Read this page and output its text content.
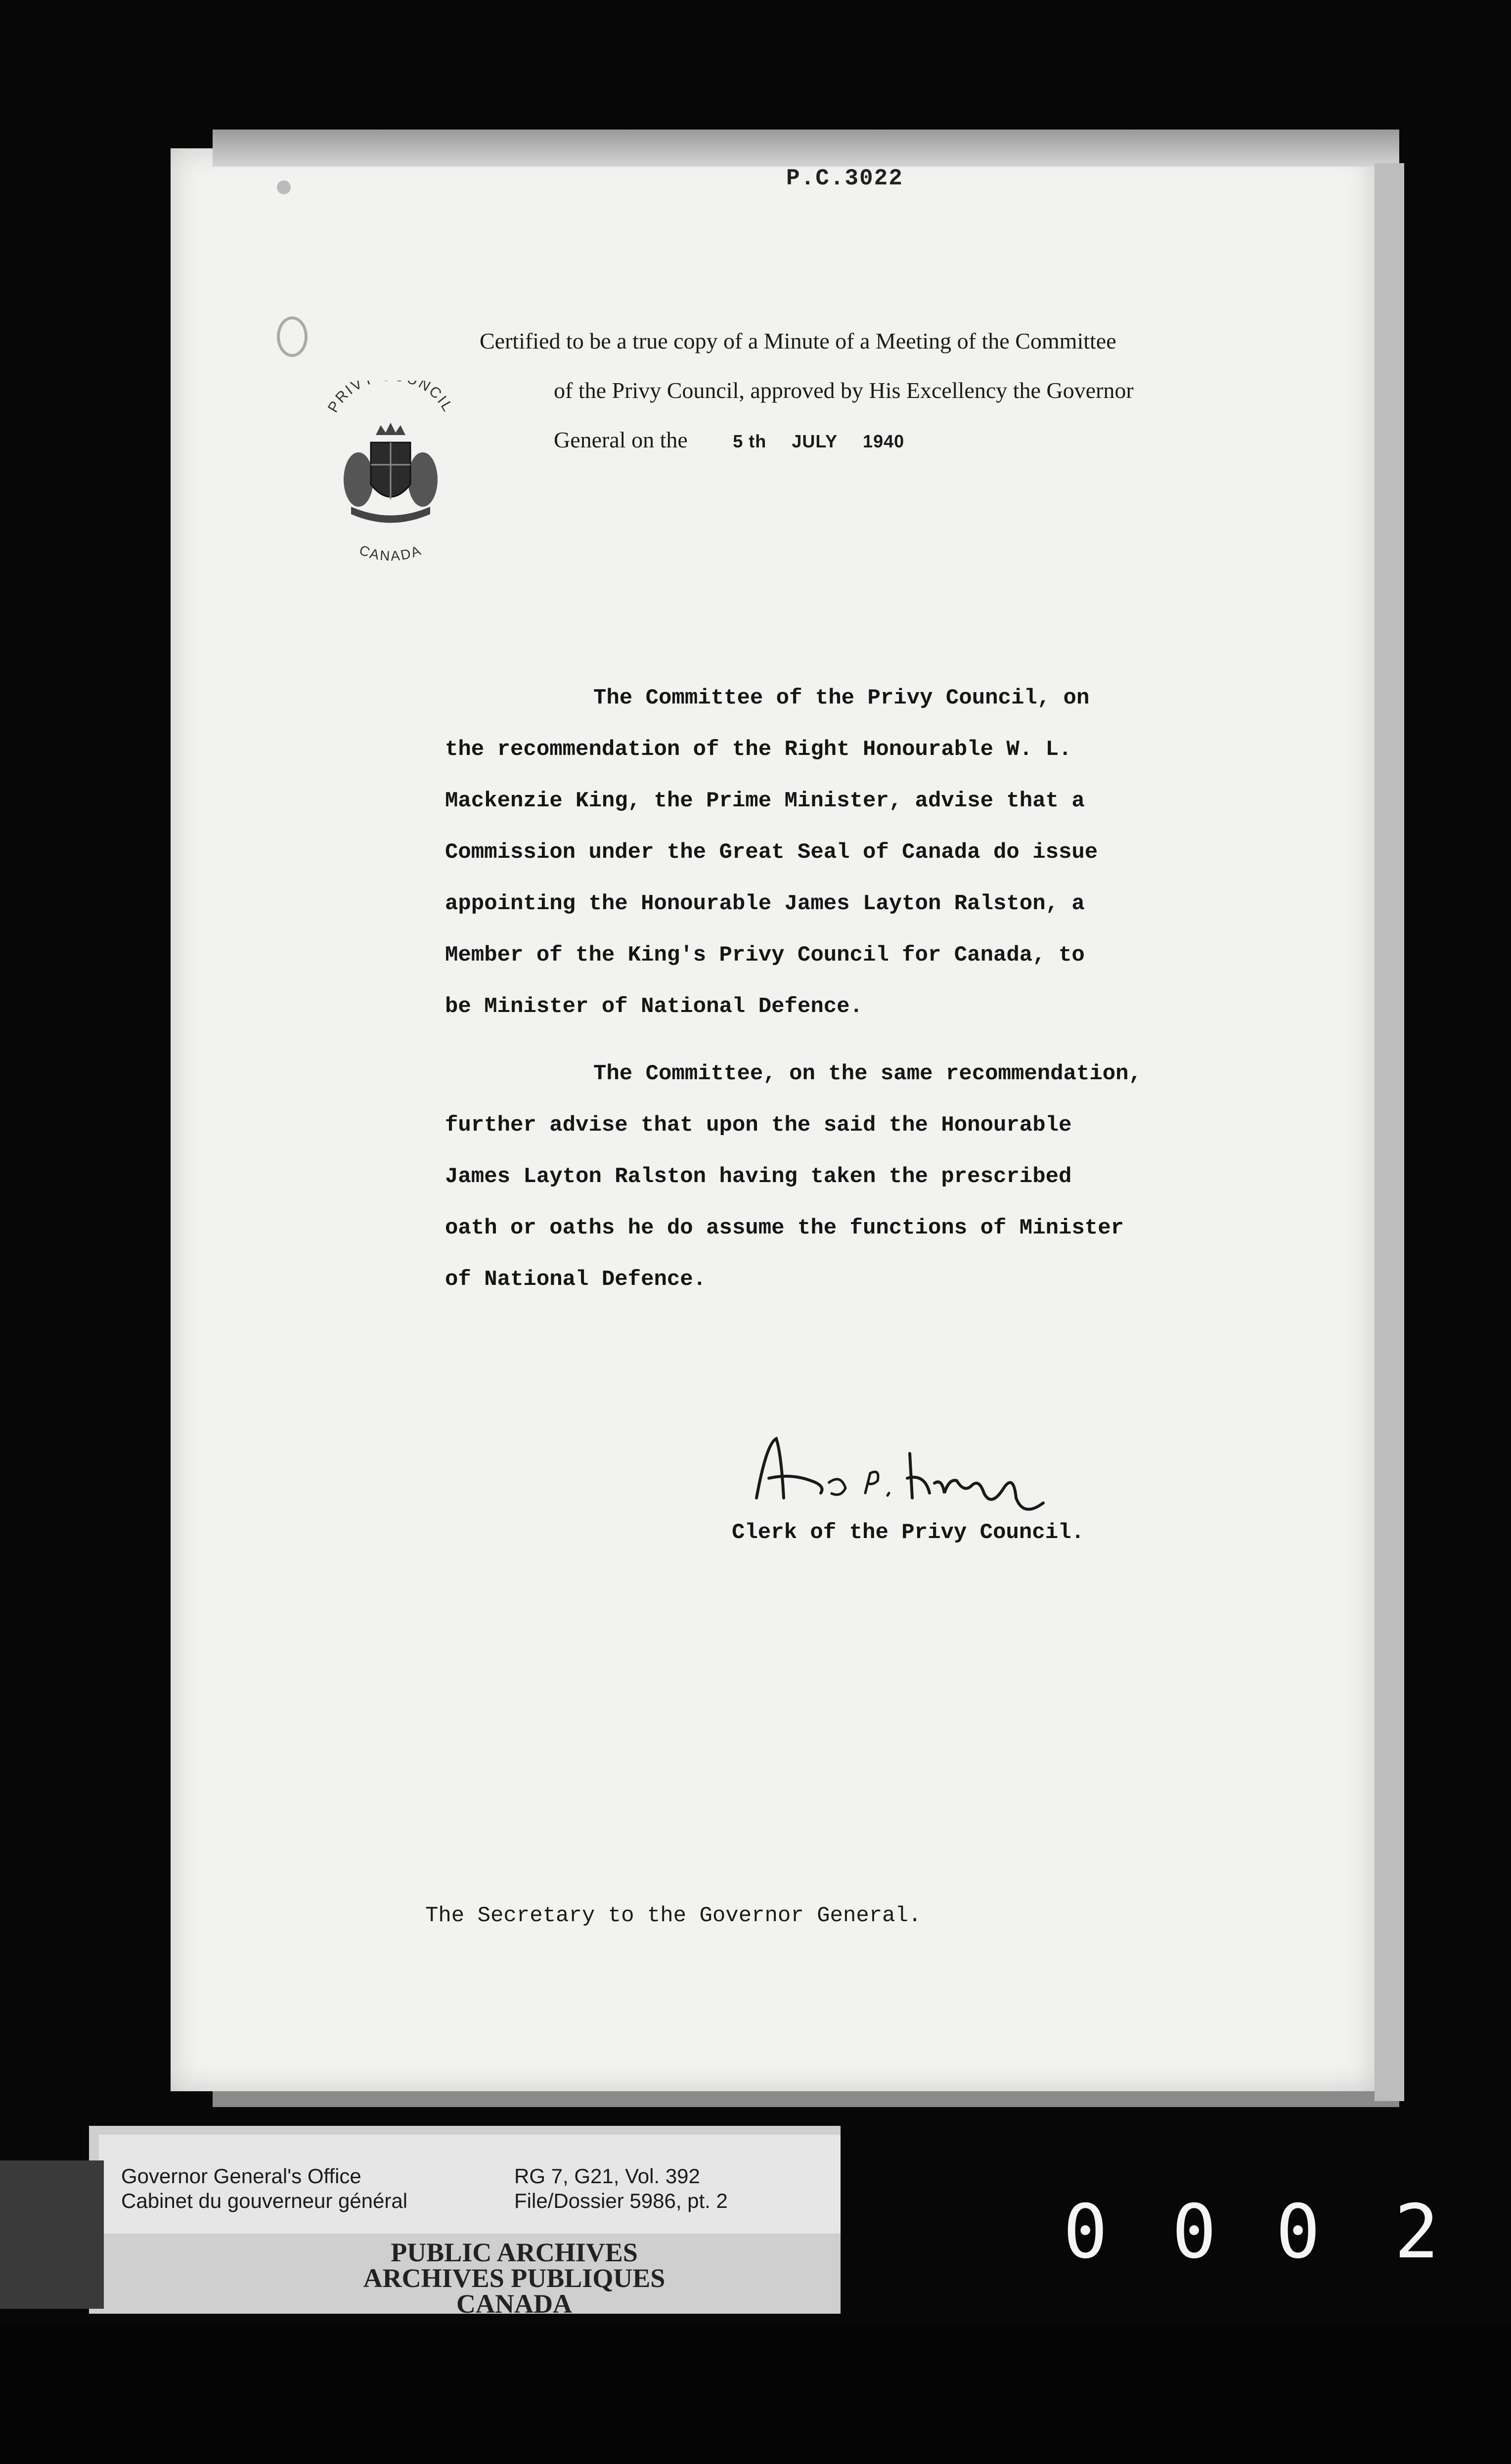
P.C.3022
Certified to be a true copy of a Minute of a Meeting of the Committee
of the Privy Council, approved by His Excellency the Governor
General on the	5 th JULY 1940
PRIV NCIL
CANADA
The Committee of the Privy Council, on
the recommendation of the Right Honourable W. L.
Mackenzie King, the Prime Minister, advise that a
Commission under the Great Seal of Canada do issue
appointing the Honourable James Layton Ralston, a
Member of the King's Privy Council for Canada, to
be Minister of National Defence.
The Committee, on the same recommendation,
further advise that upon the said the Honourable
James Layton Ralston having taken the prescribed
oath or oaths he do assume the functions of Minister
of National Defence.
Clerk of the Privy Council.
The Secretary to the Governor General.
Governor General's Office
Cabinet du gouverneur général
RG 7, G21, Vol. 392
File/Dossier 5986, pt. 2
PUBLIC ARCHIVES
ARCHIVES PUBLIQUES
CANADA
0 0 0 2
